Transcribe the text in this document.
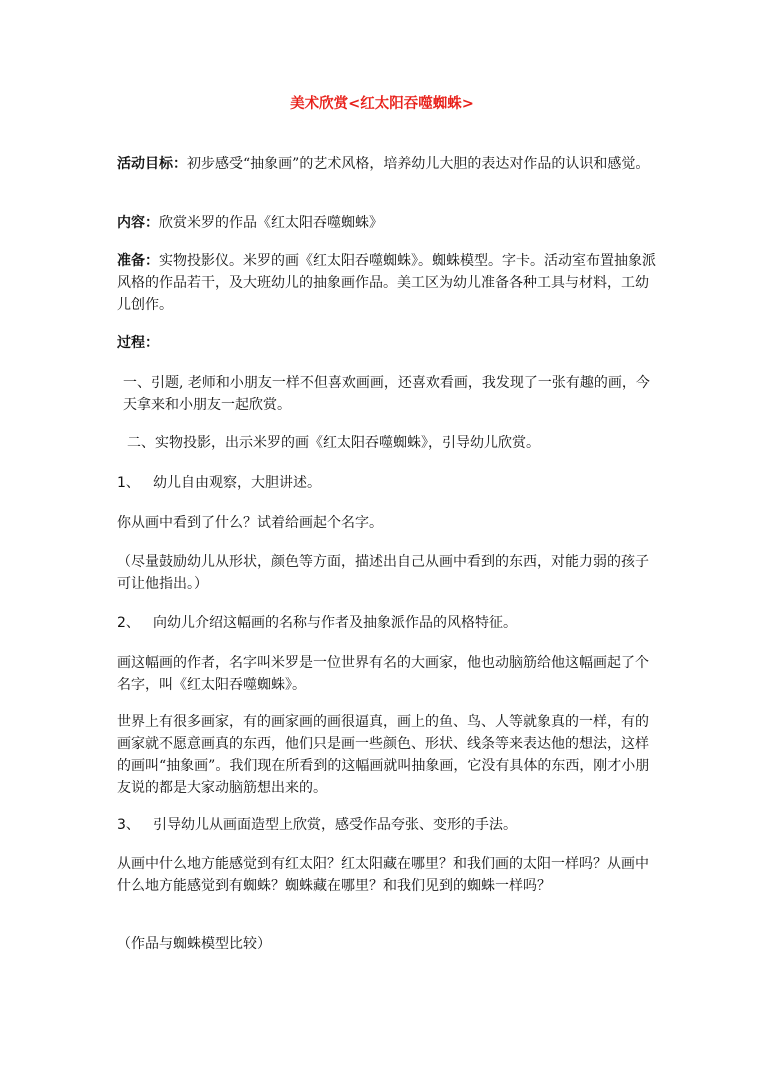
美术欣赏<红太阳吞噬蜘蛛>

活动目标：初步感受“抽象画”的艺术风格，培养幼儿大胆的表达对作品的认识和感觉。

内容：欣赏米罗的作品《红太阳吞噬蜘蛛》

准备：实物投影仪。米罗的画《红太阳吞噬蜘蛛》。蜘蛛模型。字卡。活动室布置抽象派风格的作品若干，及大班幼儿的抽象画作品。美工区为幼儿准备各种工具与材料，工幼儿创作。

过程：

一、引题, 老师和小朋友一样不但喜欢画画，还喜欢看画，我发现了一张有趣的画，今天拿来和小朋友一起欣赏。

二、实物投影，出示米罗的画《红太阳吞噬蜘蛛》，引导幼儿欣赏。

1、 幼儿自由观察，大胆讲述。

你从画中看到了什么？试着给画起个名字。

（尽量鼓励幼儿从形状，颜色等方面，描述出自己从画中看到的东西，对能力弱的孩子可让他指出。）

2、 向幼儿介绍这幅画的名称与作者及抽象派作品的风格特征。

画这幅画的作者，名字叫米罗是一位世界有名的大画家，他也动脑筋给他这幅画起了个名字，叫《红太阳吞噬蜘蛛》。

世界上有很多画家，有的画家画的画很逼真，画上的鱼、鸟、人等就象真的一样，有的画家就不愿意画真的东西，他们只是画一些颜色、形状、线条等来表达他的想法，这样的画叫“抽象画”。我们现在所看到的这幅画就叫抽象画，它没有具体的东西，刚才小朋友说的都是大家动脑筋想出来的。

3、 引导幼儿从画面造型上欣赏，感受作品夸张、变形的手法。

从画中什么地方能感觉到有红太阳？红太阳藏在哪里？和我们画的太阳一样吗？从画中什么地方能感觉到有蜘蛛？蜘蛛藏在哪里？和我们见到的蜘蛛一样吗？

（作品与蜘蛛模型比较）
